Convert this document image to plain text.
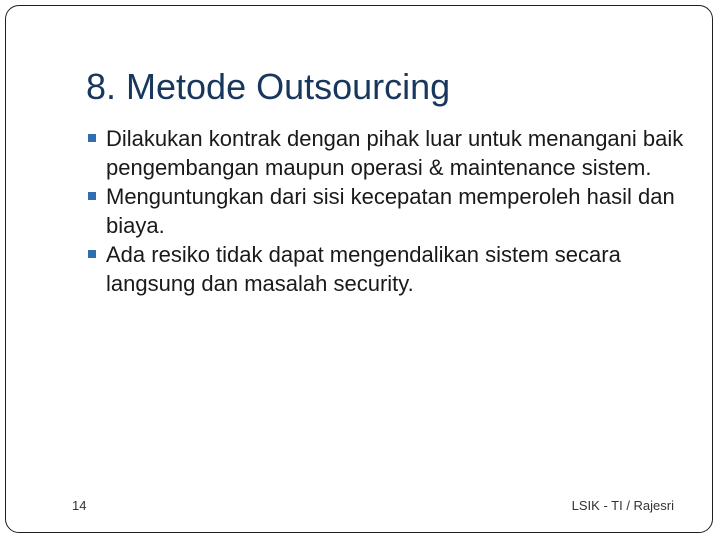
8. Metode Outsourcing
Dilakukan kontrak dengan pihak luar untuk menangani baik pengembangan maupun operasi & maintenance sistem.
Menguntungkan dari sisi kecepatan memperoleh hasil dan biaya.
Ada resiko tidak dapat mengendalikan sistem secara langsung dan masalah security.
14	LSIK - TI / Rajesri
